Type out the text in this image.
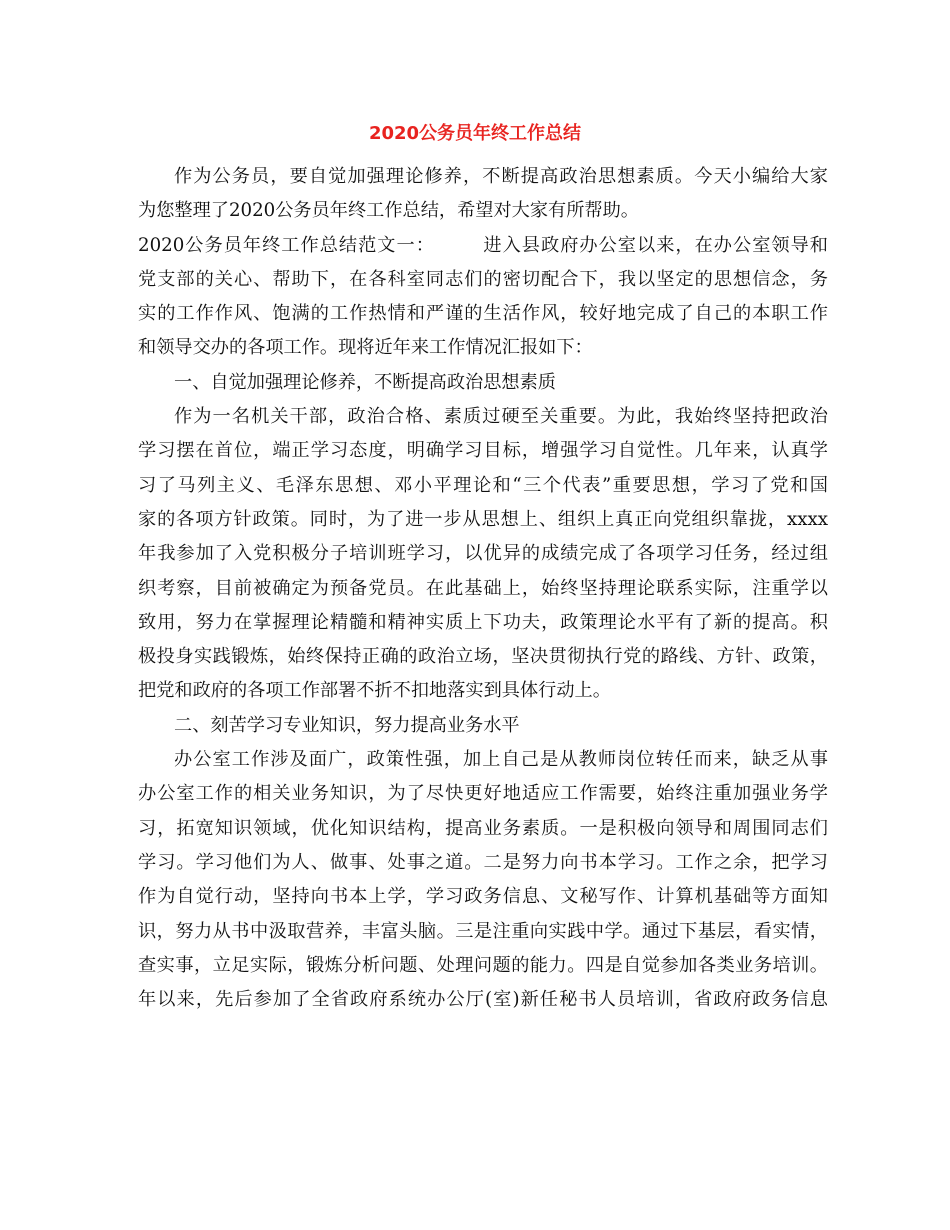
2020公务员年终工作总结
作为公务员，要自觉加强理论修养，不断提高政治思想素质。今天小编给大家
为您整理了2020公务员年终工作总结，希望对大家有所帮助。
2020公务员年终工作总结范文一：　　　进入县政府办公室以来，在办公室领导和
党支部的关心、帮助下，在各科室同志们的密切配合下，我以坚定的思想信念，务
实的工作作风、饱满的工作热情和严谨的生活作风，较好地完成了自己的本职工作
和领导交办的各项工作。现将近年来工作情况汇报如下：
一、自觉加强理论修养，不断提高政治思想素质
作为一名机关干部，政治合格、素质过硬至关重要。为此，我始终坚持把政治
学习摆在首位，端正学习态度，明确学习目标，增强学习自觉性。几年来，认真学
习了马列主义、毛泽东思想、邓小平理论和“三个代表”重要思想，学习了党和国
家的各项方针政策。同时，为了进一步从思想上、组织上真正向党组织靠拢，xxxx
年我参加了入党积极分子培训班学习，以优异的成绩完成了各项学习任务，经过组
织考察，目前被确定为预备党员。在此基础上，始终坚持理论联系实际，注重学以
致用，努力在掌握理论精髓和精神实质上下功夫，政策理论水平有了新的提高。积
极投身实践锻炼，始终保持正确的政治立场，坚决贯彻执行党的路线、方针、政策，
把党和政府的各项工作部署不折不扣地落实到具体行动上。
二、刻苦学习专业知识，努力提高业务水平
办公室工作涉及面广，政策性强，加上自己是从教师岗位转任而来，缺乏从事
办公室工作的相关业务知识，为了尽快更好地适应工作需要，始终注重加强业务学
习，拓宽知识领域，优化知识结构，提高业务素质。一是积极向领导和周围同志们
学习。学习他们为人、做事、处事之道。二是努力向书本学习。工作之余，把学习
作为自觉行动，坚持向书本上学，学习政务信息、文秘写作、计算机基础等方面知
识，努力从书中汲取营养，丰富头脑。三是注重向实践中学。通过下基层，看实情，
查实事，立足实际，锻炼分析问题、处理问题的能力。四是自觉参加各类业务培训。
年以来，先后参加了全省政府系统办公厅(室)新任秘书人员培训，省政府政务信息
